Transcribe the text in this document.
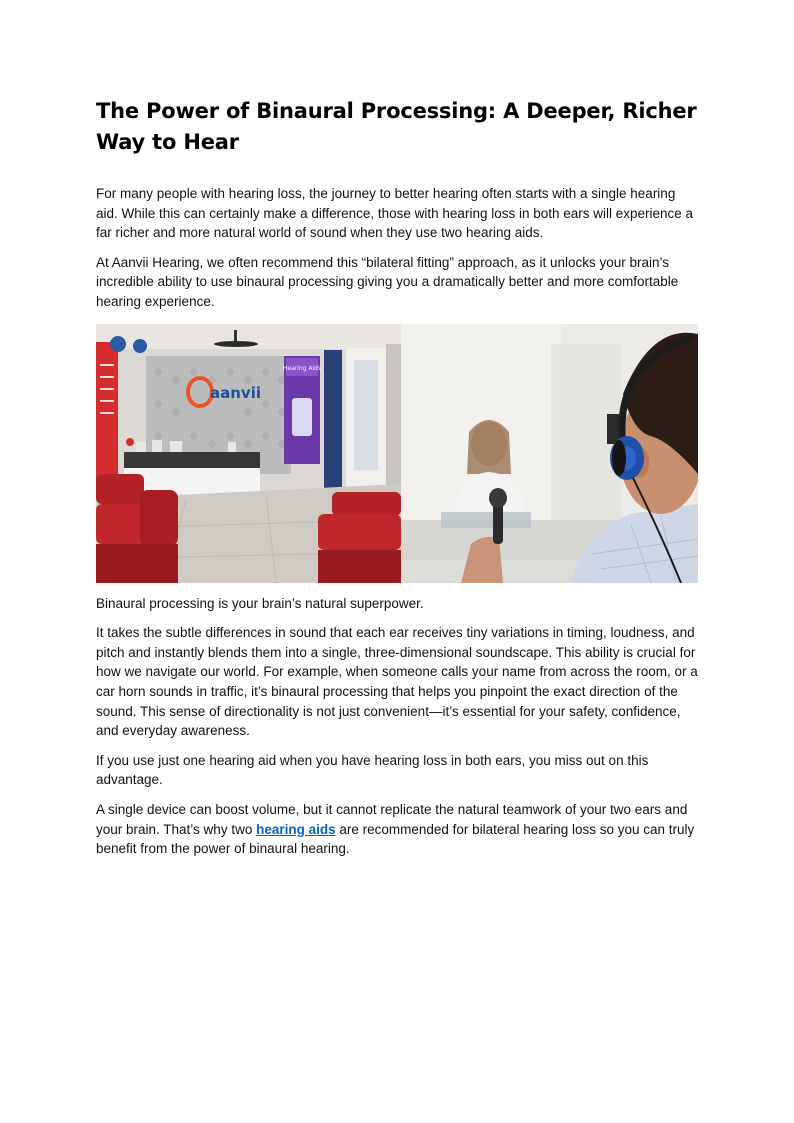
The Power of Binaural Processing: A Deeper, Richer Way to Hear

For many people with hearing loss, the journey to better hearing often starts with a single hearing aid. While this can certainly make a difference, those with hearing loss in both ears will experience a far richer and more natural world of sound when they use two hearing aids.

At Aanvii Hearing, we often recommend this “bilateral fitting” approach, as it unlocks your brain’s incredible ability to use binaural processing giving you a dramatically better and more comfortable hearing experience.

aanvii
Hearing Aids

Binaural processing is your brain’s natural superpower.

It takes the subtle differences in sound that each ear receives tiny variations in timing, loudness, and pitch and instantly blends them into a single, three-dimensional soundscape. This ability is crucial for how we navigate our world. For example, when someone calls your name from across the room, or a car horn sounds in traffic, it’s binaural processing that helps you pinpoint the exact direction of the sound. This sense of directionality is not just convenient—it’s essential for your safety, confidence, and everyday awareness.

If you use just one hearing aid when you have hearing loss in both ears, you miss out on this advantage.

A single device can boost volume, but it cannot replicate the natural teamwork of your two ears and your brain. That’s why two hearing aids are recommended for bilateral hearing loss so you can truly benefit from the power of binaural hearing.
